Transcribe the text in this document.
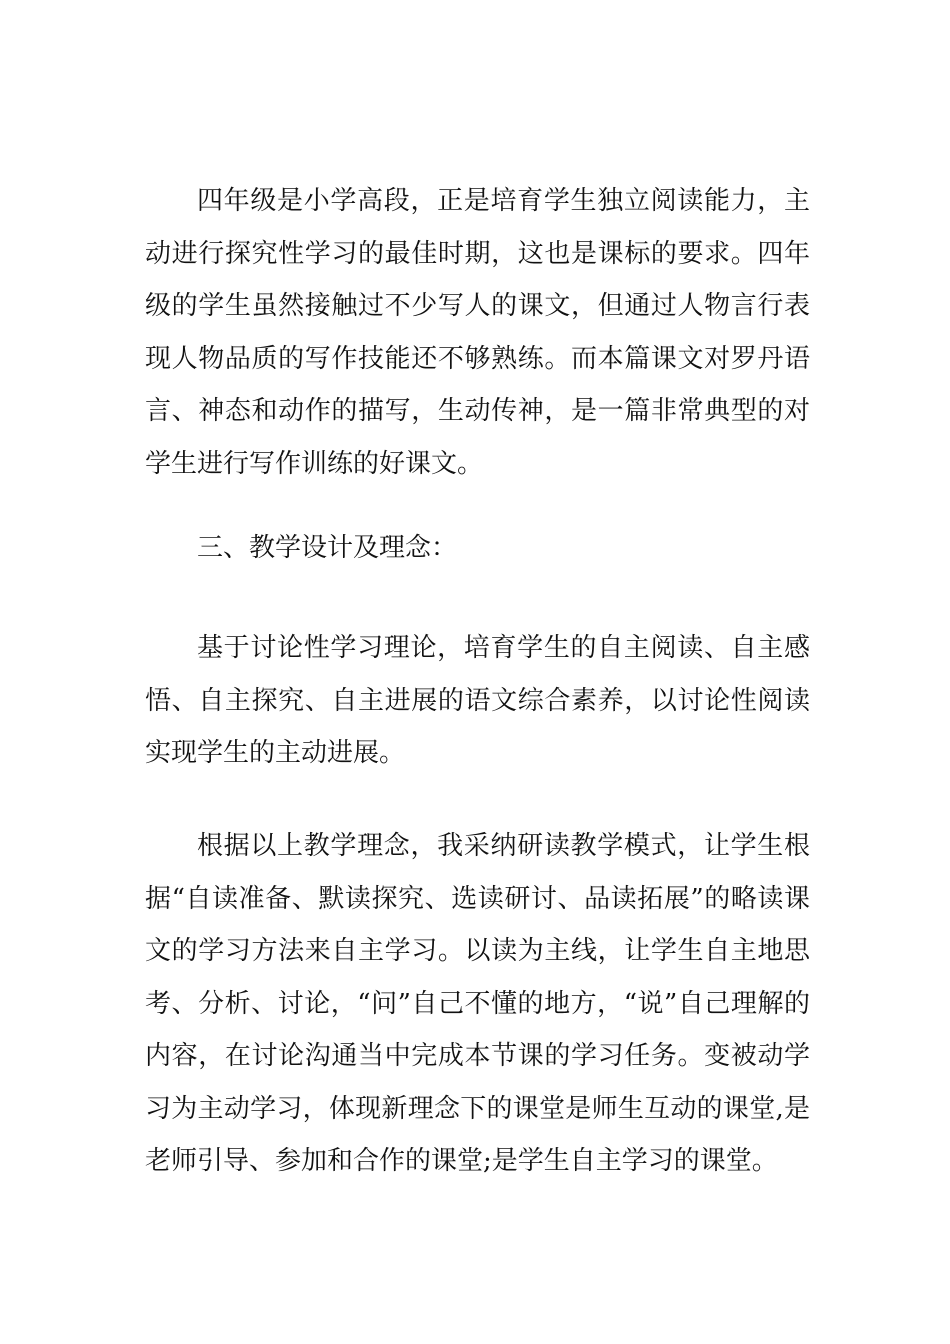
四年级是小学高段，正是培育学生独立阅读能力，主动进行探究性学习的最佳时期，这也是课标的要求。四年级的学生虽然接触过不少写人的课文，但通过人物言行表现人物品质的写作技能还不够熟练。而本篇课文对罗丹语言、神态和动作的描写，生动传神，是一篇非常典型的对学生进行写作训练的好课文。

三、教学设计及理念：

基于讨论性学习理论，培育学生的自主阅读、自主感悟、自主探究、自主进展的语文综合素养，以讨论性阅读实现学生的主动进展。

根据以上教学理念，我采纳研读教学模式，让学生根据“自读准备、默读探究、选读研讨、品读拓展”的略读课文的学习方法来自主学习。以读为主线，让学生自主地思考、分析、讨论，“问”自己不懂的地方，“说”自己理解的内容，在讨论沟通当中完成本节课的学习任务。变被动学习为主动学习，体现新理念下的课堂是师生互动的课堂,是老师引导、参加和合作的课堂;是学生自主学习的课堂。
